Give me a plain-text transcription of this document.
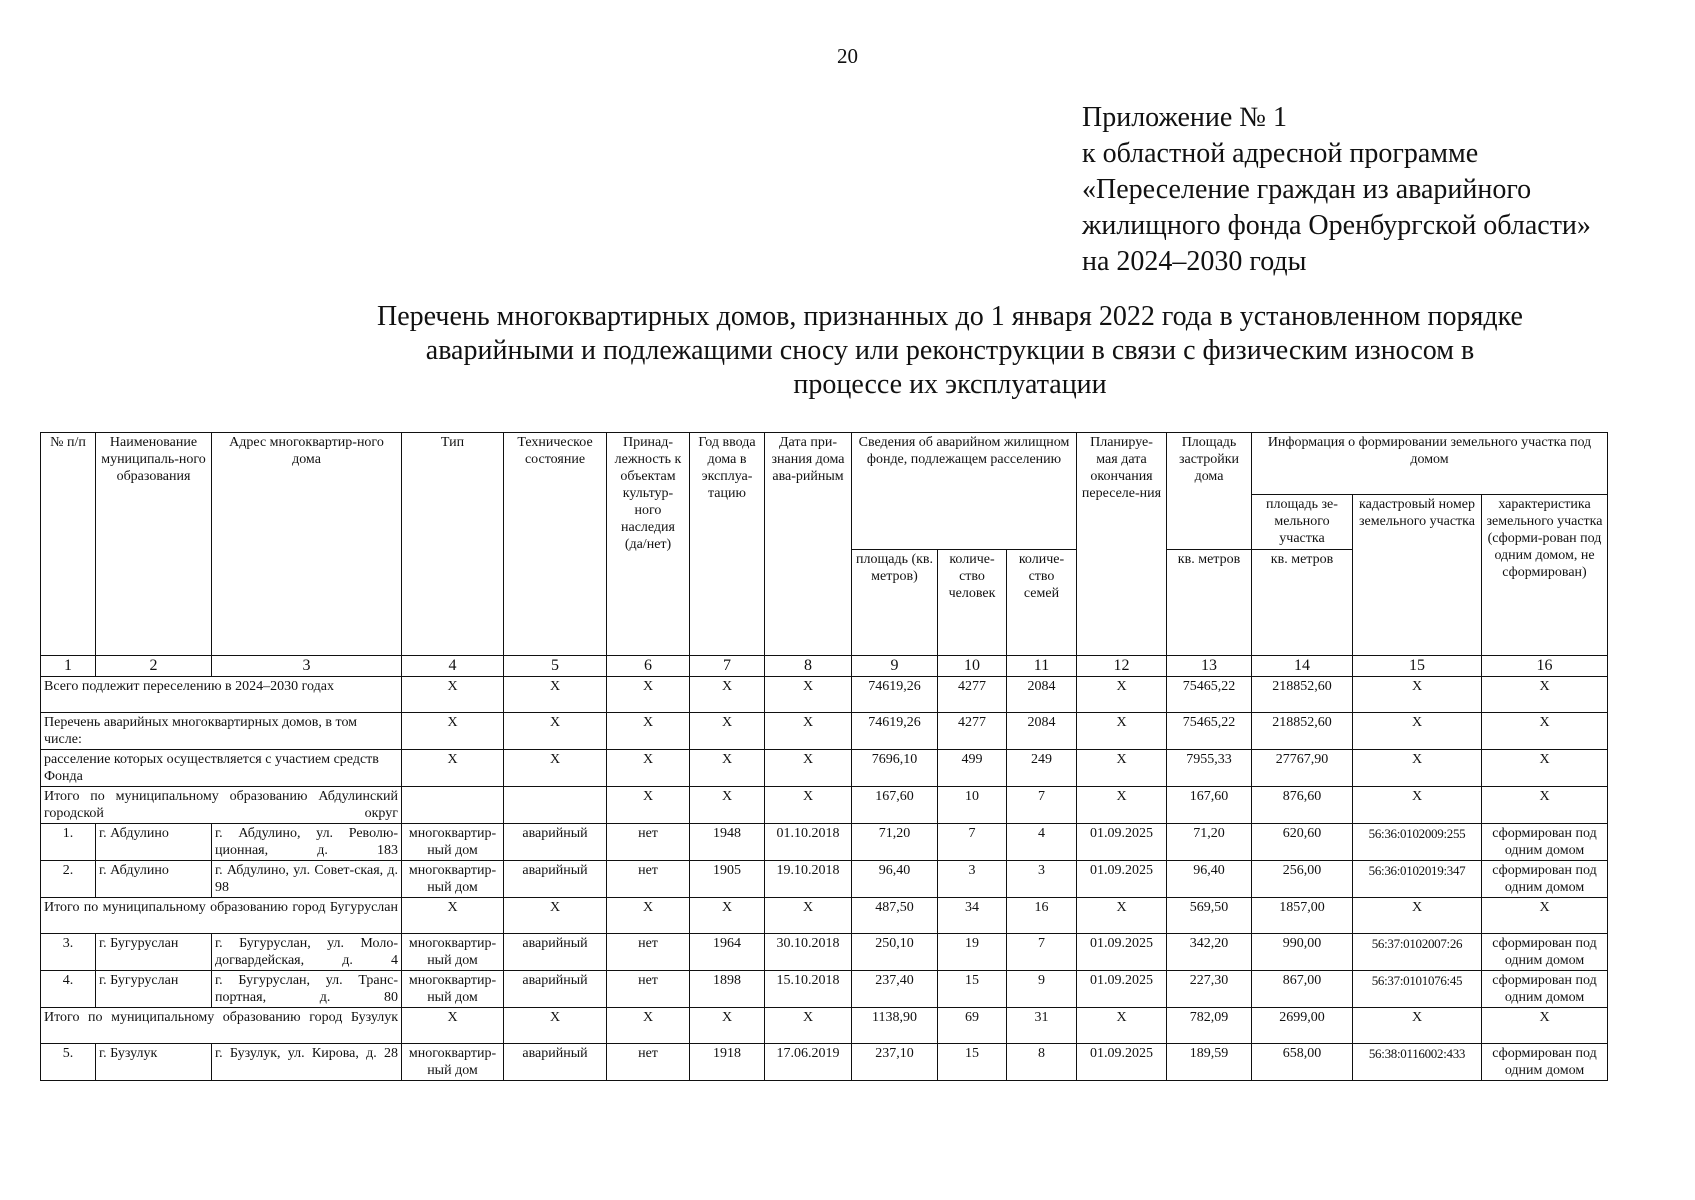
20
Приложение № 1
к областной адресной программе
«Переселение граждан из аварийного
жилищного фонда Оренбургской области»
на 2024–2030 годы
Перечень многоквартирных домов, признанных до 1 января 2022 года в установленном порядке
аварийными и подлежащими сносу или реконструкции в связи с физическим износом в
процессе их эксплуатации
№ п/п	Наименование муниципаль-ного образования	Адрес многоквартир-ного дома	Тип	Техническое состояние	Принад-лежность к объектам культур-ного наследия (да/нет)	Год ввода дома в эксплуа-тацию	Дата при-знания дома ава-рийным	Сведения об аварийном жилищном фонде, подлежащем расселению			Планируе-мая дата окончания переселе-ния	Площадь застройки дома	Информация о формировании земельного участка под домом		
													площадь зе-мельного участка	кадастровый номер земельного участка	характеристика земельного участка (сформи-рован под одним домом, не сформирован)
								площадь (кв. метров)	количе-ство человек	количе-ство семей		кв. метров	кв. метров		
1	2	3	4	5	6	7	8	9	10	11	12	13	14	15	16
Всего подлежит переселению в 2024–2030 годах			X	X	X	X	X	74619,26	4277	2084	X	75465,22	218852,60	X	X
Перечень аварийных многоквартирных домов, в том числе:			X	X	X	X	X	74619,26	4277	2084	X	75465,22	218852,60	X	X
расселение которых осуществляется с участием средств Фонда			X	X	X	X	X	7696,10	499	249	X	7955,33	27767,90	X	X
Итого по муниципальному образованию Абдулинский городской округ					X	X	X	167,60	10	7	X	167,60	876,60	X	X
1.	г. Абдулино	г. Абдулино, ул. Револю-ционная, д. 183	многоквартир-ный дом	аварийный	нет	1948	01.10.2018	71,20	7	4	01.09.2025	71,20	620,60	56:36:0102009:255	сформирован под одним домом
2.	г. Абдулино	г. Абдулино, ул. Совет-ская, д. 98	многоквартир-ный дом	аварийный	нет	1905	19.10.2018	96,40	3	3	01.09.2025	96,40	256,00	56:36:0102019:347	сформирован под одним домом
Итого по муниципальному образованию город Бугуруслан			X	X	X	X	X	487,50	34	16	X	569,50	1857,00	X	X
3.	г. Бугуруслан	г. Бугуруслан, ул. Моло-догвардейская, д. 4	многоквартир-ный дом	аварийный	нет	1964	30.10.2018	250,10	19	7	01.09.2025	342,20	990,00	56:37:0102007:26	сформирован под одним домом
4.	г. Бугуруслан	г. Бугуруслан, ул. Транс-портная, д. 80	многоквартир-ный дом	аварийный	нет	1898	15.10.2018	237,40	15	9	01.09.2025	227,30	867,00	56:37:0101076:45	сформирован под одним домом
Итого по муниципальному образованию город Бузулук			X	X	X	X	X	1138,90	69	31	X	782,09	2699,00	X	X
5.	г. Бузулук	г. Бузулук, ул. Кирова, д. 28	многоквартир-ный дом	аварийный	нет	1918	17.06.2019	237,10	15	8	01.09.2025	189,59	658,00	56:38:0116002:433	сформирован под одним домом
